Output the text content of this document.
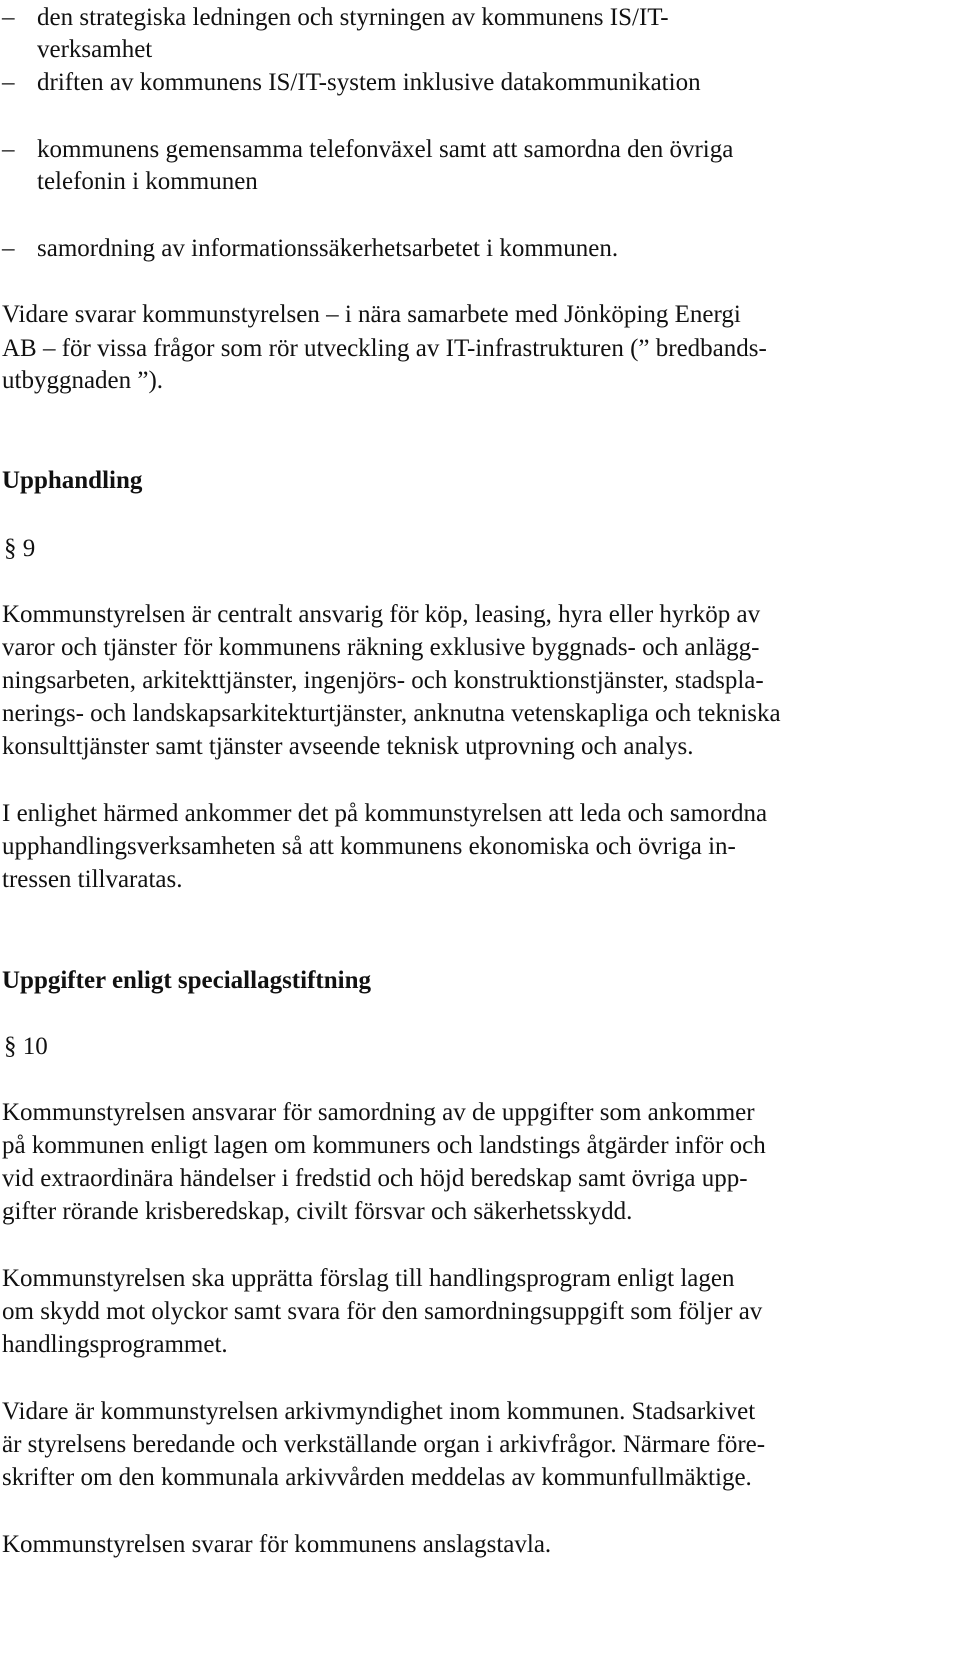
– den strategiska ledningen och styrningen av kommunens IS/IT-
verksamhet
– driften av kommunens IS/IT-system inklusive datakommunikation
– kommunens gemensamma telefonväxel samt att samordna den övriga
telefonin i kommunen
– samordning av informationssäkerhetsarbetet i kommunen.
Vidare svarar kommunstyrelsen – i nära samarbete med Jönköping Energi
AB – för vissa frågor som rör utveckling av IT-infrastrukturen (” bredbands-
utbyggnaden ”).
Upphandling
§ 9
Kommunstyrelsen är centralt ansvarig för köp, leasing, hyra eller hyrköp av
varor och tjänster för kommunens räkning exklusive byggnads- och anlägg-
ningsarbeten, arkitekttjänster, ingenjörs- och konstruktionstjänster, stadspla-
nerings- och landskapsarkitekturtjänster, anknutna vetenskapliga och tekniska
konsulttjänster samt tjänster avseende teknisk utprovning och analys.
I enlighet härmed ankommer det på kommunstyrelsen att leda och samordna
upphandlingsverksamheten så att kommunens ekonomiska och övriga in-
tressen tillvaratas.
Uppgifter enligt speciallagstiftning
§ 10
Kommunstyrelsen ansvarar för samordning av de uppgifter som ankommer
på kommunen enligt lagen om kommuners och landstings åtgärder inför och
vid extraordinära händelser i fredstid och höjd beredskap samt övriga upp-
gifter rörande krisberedskap, civilt försvar och säkerhetsskydd.
Kommunstyrelsen ska upprätta förslag till handlingsprogram enligt lagen
om skydd mot olyckor samt svara för den samordningsuppgift som följer av
handlingsprogrammet.
Vidare är kommunstyrelsen arkivmyndighet inom kommunen. Stadsarkivet
är styrelsens beredande och verkställande organ i arkivfrågor. Närmare före-
skrifter om den kommunala arkivvården meddelas av kommunfullmäktige.
Kommunstyrelsen svarar för kommunens anslagstavla.
